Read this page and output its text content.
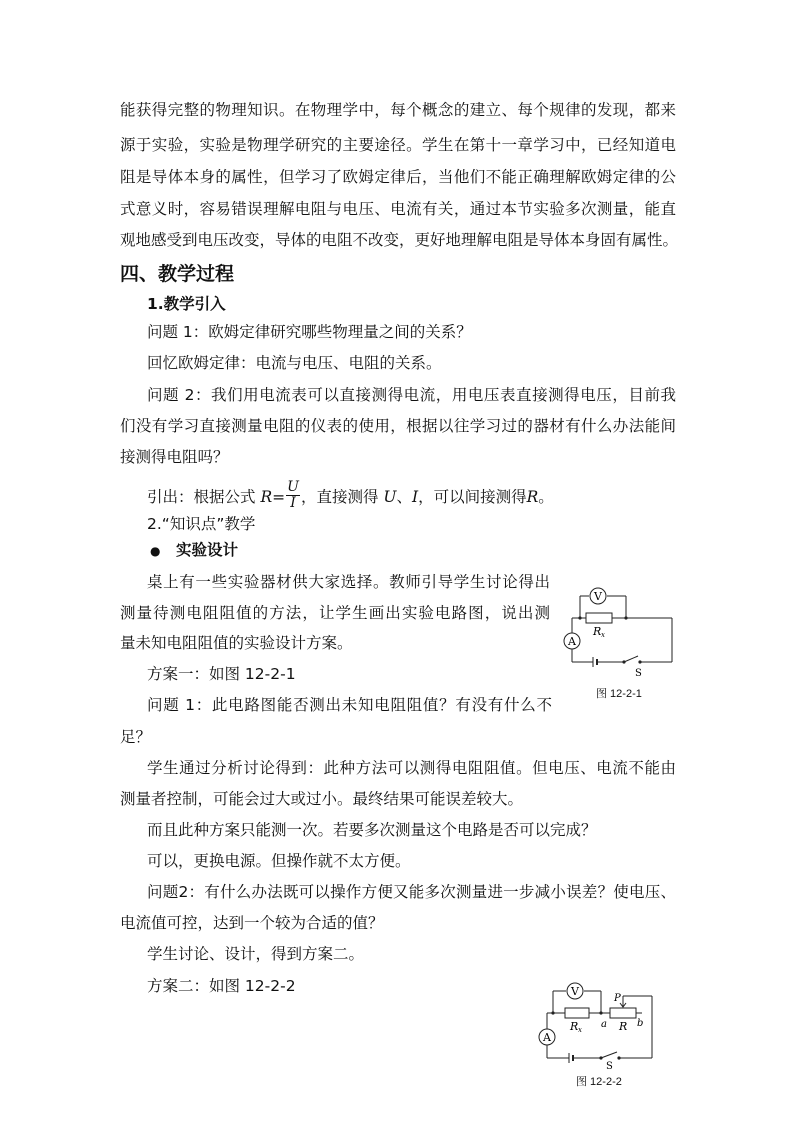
能获得完整的物理知识。在物理学中，每个概念的建立、每个规律的发现，都来
源于实验，实验是物理学研究的主要途径。学生在第十一章学习中，已经知道电
阻是导体本身的属性，但学习了欧姆定律后，当他们不能正确理解欧姆定律的公
式意义时，容易错误理解电阻与电压、电流有关，通过本节实验多次测量，能直
观地感受到电压改变，导体的电阻不改变，更好地理解电阻是导体本身固有属性。
四、教学过程
1.教学引入
问题 1：欧姆定律研究哪些物理量之间的关系？
回忆欧姆定律：电流与电压、电阻的关系。
问题 2：我们用电流表可以直接测得电流，用电压表直接测得电压，目前我
们没有学习直接测量电阻的仪表的使用，根据以往学习过的器材有什么办法能间
接测得电阻吗？
引出：根据公式 $R= \frac{U}{I}$ ，直接测得 U、I，可以间接测得R。
2.“知识点”教学
● 实验设计
桌上有一些实验器材供大家选择。教师引导学生讨论得出
测量待测电阻阻值的方法，让学生画出实验电路图，说出测
量未知电阻阻值的实验设计方案。
方案一：如图 12-2-1
问题 1：此电路图能否测出未知电阻阻值？有没有什么不
足？
学生通过分析讨论得到：此种方法可以测得电阻阻值。但电压、电流不能由
测量者控制，可能会过大或过小。最终结果可能误差较大。
而且此种方案只能测一次。若要多次测量这个电路是否可以完成？
可以，更换电源。但操作就不太方便。
问题2：有什么办法既可以操作方便又能多次测量进一步减小误差？使电压、
电流值可控，达到一个较为合适的值？
学生讨论、设计，得到方案二。
方案二：如图 12-2-2
V
A
R x
S
图 12-2-1
V
A
R x	R
P
a	b
S
图 12-2-2
